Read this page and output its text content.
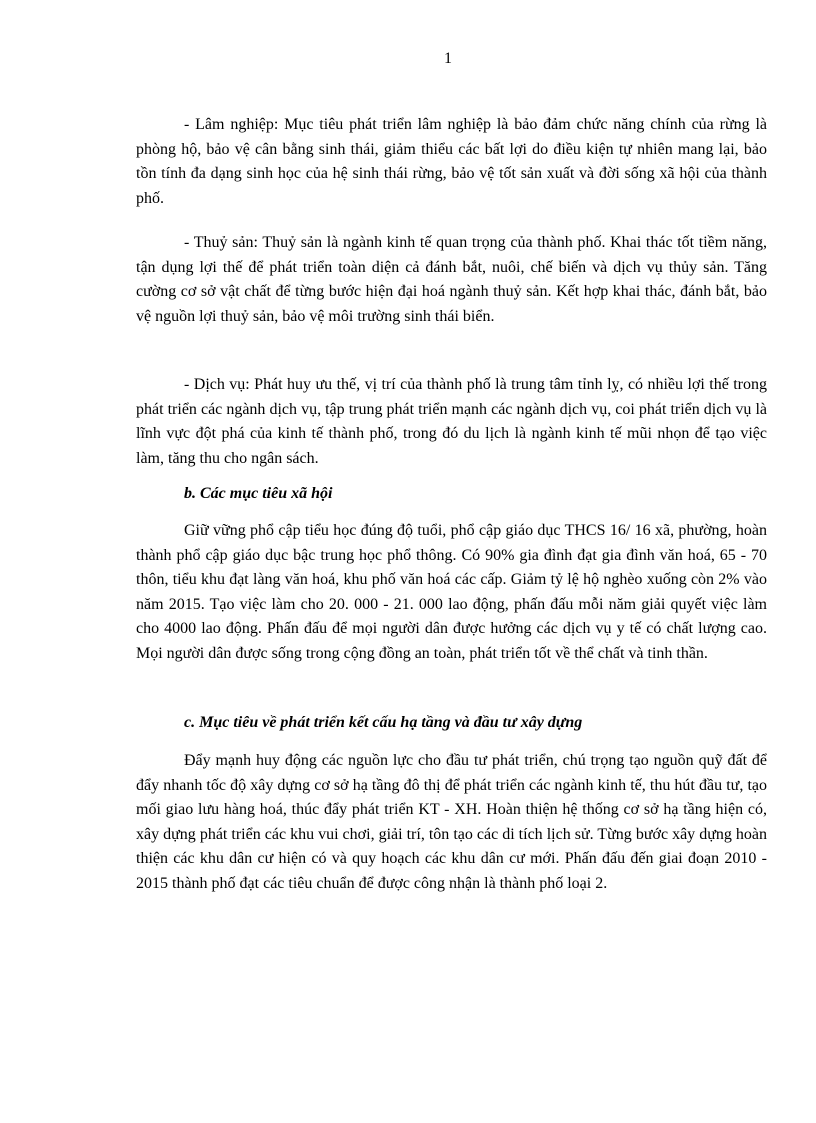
1

- Lâm nghiệp: Mục tiêu phát triển lâm nghiệp là bảo đảm chức năng chính của rừng là phòng hộ, bảo vệ cân bằng sinh thái, giảm thiểu các bất lợi do điều kiện tự nhiên mang lại, bảo tồn tính đa dạng sinh học của hệ sinh thái rừng, bảo vệ tốt sản xuất và đời sống xã hội của thành phố.

- Thuỷ sản: Thuỷ sản là ngành kinh tế quan trọng của thành phố. Khai thác tốt tiềm năng, tận dụng lợi thế để phát triển toàn diện cả đánh bắt, nuôi, chế biến và dịch vụ thủy sản. Tăng cường cơ sở vật chất để từng bước hiện đại hoá ngành thuỷ sản. Kết hợp khai thác, đánh bắt, bảo vệ nguồn lợi thuỷ sản, bảo vệ môi trường sinh thái biển.

- Dịch vụ: Phát huy ưu thế, vị trí của thành phố là trung tâm tỉnh lỵ, có nhiều lợi thế trong phát triển các ngành dịch vụ, tập trung phát triển mạnh các ngành dịch vụ, coi phát triển dịch vụ là lĩnh vực đột phá của kinh tế thành phố, trong đó du lịch là ngành kinh tế mũi nhọn để tạo việc làm, tăng thu cho ngân sách.

b. Các mục tiêu xã hội

Giữ vững phổ cập tiểu học đúng độ tuổi, phổ cập giáo dục THCS 16/ 16 xã, phường, hoàn thành phổ cập giáo dục bậc trung học phổ thông. Có 90% gia đình đạt gia đình văn hoá, 65 - 70 thôn, tiểu khu đạt làng văn hoá, khu phố văn hoá các cấp. Giảm tỷ lệ hộ nghèo xuống còn 2% vào năm 2015. Tạo việc làm cho 20. 000 - 21. 000 lao động, phấn đấu mỗi năm giải quyết việc làm cho 4000 lao động. Phấn đấu để mọi người dân được hưởng các dịch vụ y tế có chất lượng cao. Mọi người dân được sống trong cộng đồng an toàn, phát triển tốt về thể chất và tinh thần.

c. Mục tiêu về phát triển kết cấu hạ tầng và đầu tư xây dựng

Đẩy mạnh huy động các nguồn lực cho đầu tư phát triển, chú trọng tạo nguồn quỹ đất để đẩy nhanh tốc độ xây dựng cơ sở hạ tầng đô thị để phát triển các ngành kinh tế, thu hút đầu tư, tạo mối giao lưu hàng hoá, thúc đẩy phát triển KT - XH. Hoàn thiện hệ thống cơ sở hạ tầng hiện có, xây dựng phát triển các khu vui chơi, giải trí, tôn tạo các di tích lịch sử. Từng bước xây dựng hoàn thiện các khu dân cư hiện có và quy hoạch các khu dân cư mới. Phấn đấu đến giai đoạn 2010 - 2015 thành phố đạt các tiêu chuẩn để được công nhận là thành phố loại 2.
